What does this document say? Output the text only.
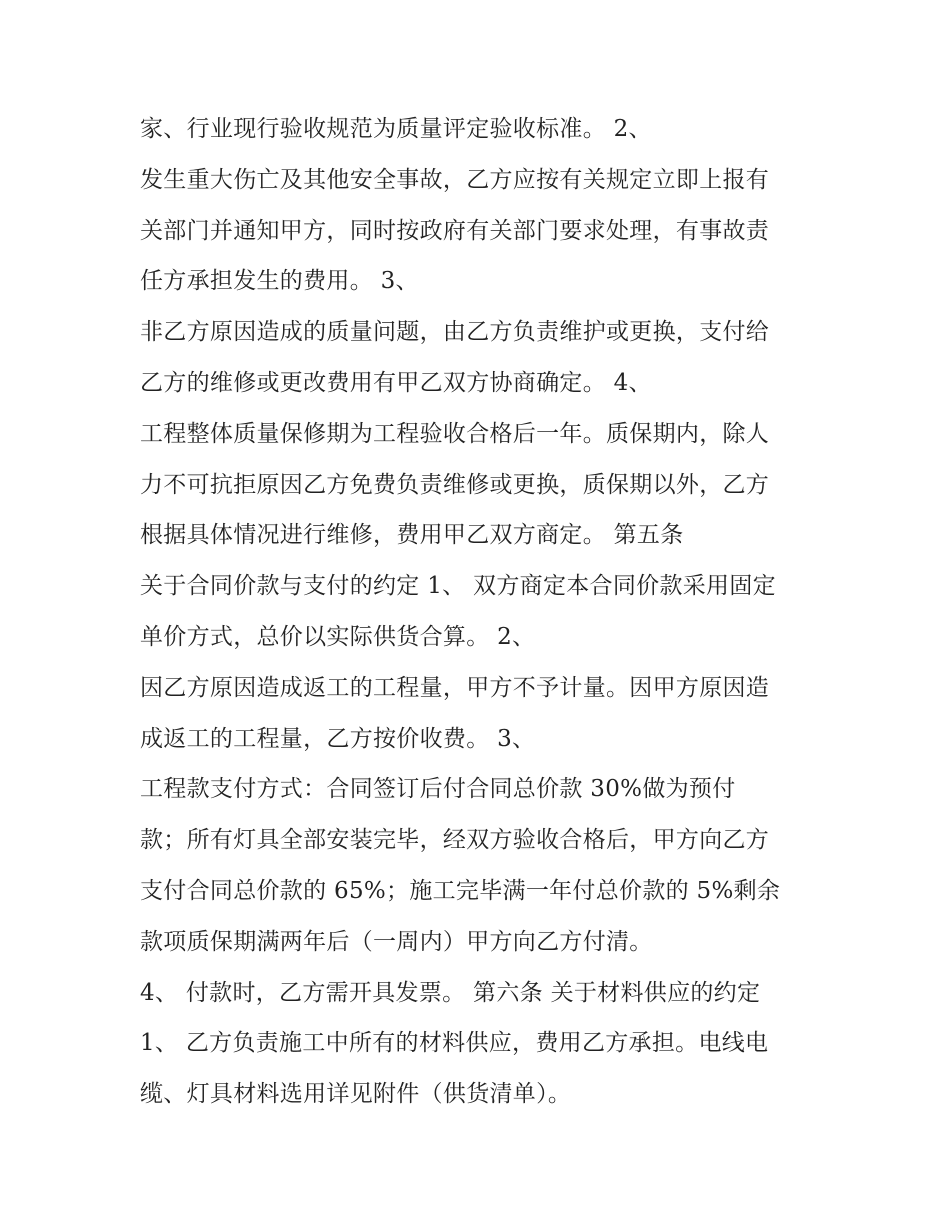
家、行业现行验收规范为质量评定验收标准。 2、
发生重大伤亡及其他安全事故，乙方应按有关规定立即上报有
关部门并通知甲方，同时按政府有关部门要求处理，有事故责
任方承担发生的费用。 3、
非乙方原因造成的质量问题，由乙方负责维护或更换，支付给
乙方的维修或更改费用有甲乙双方协商确定。 4、
工程整体质量保修期为工程验收合格后一年。质保期内，除人
力不可抗拒原因乙方免费负责维修或更换，质保期以外，乙方
根据具体情况进行维修，费用甲乙双方商定。 第五条
关于合同价款与支付的约定 1、 双方商定本合同价款采用固定
单价方式，总价以实际供货合算。 2、
因乙方原因造成返工的工程量，甲方不予计量。因甲方原因造
成返工的工程量，乙方按价收费。 3、
工程款支付方式：合同签订后付合同总价款 30%做为预付
款；所有灯具全部安装完毕，经双方验收合格后，甲方向乙方
支付合同总价款的 65%；施工完毕满一年付总价款的 5%剩余
款项质保期满两年后（一周内）甲方向乙方付清。
4、 付款时，乙方需开具发票。 第六条 关于材料供应的约定
1、 乙方负责施工中所有的材料供应，费用乙方承担。电线电
缆、灯具材料选用详见附件（供货清单）。
